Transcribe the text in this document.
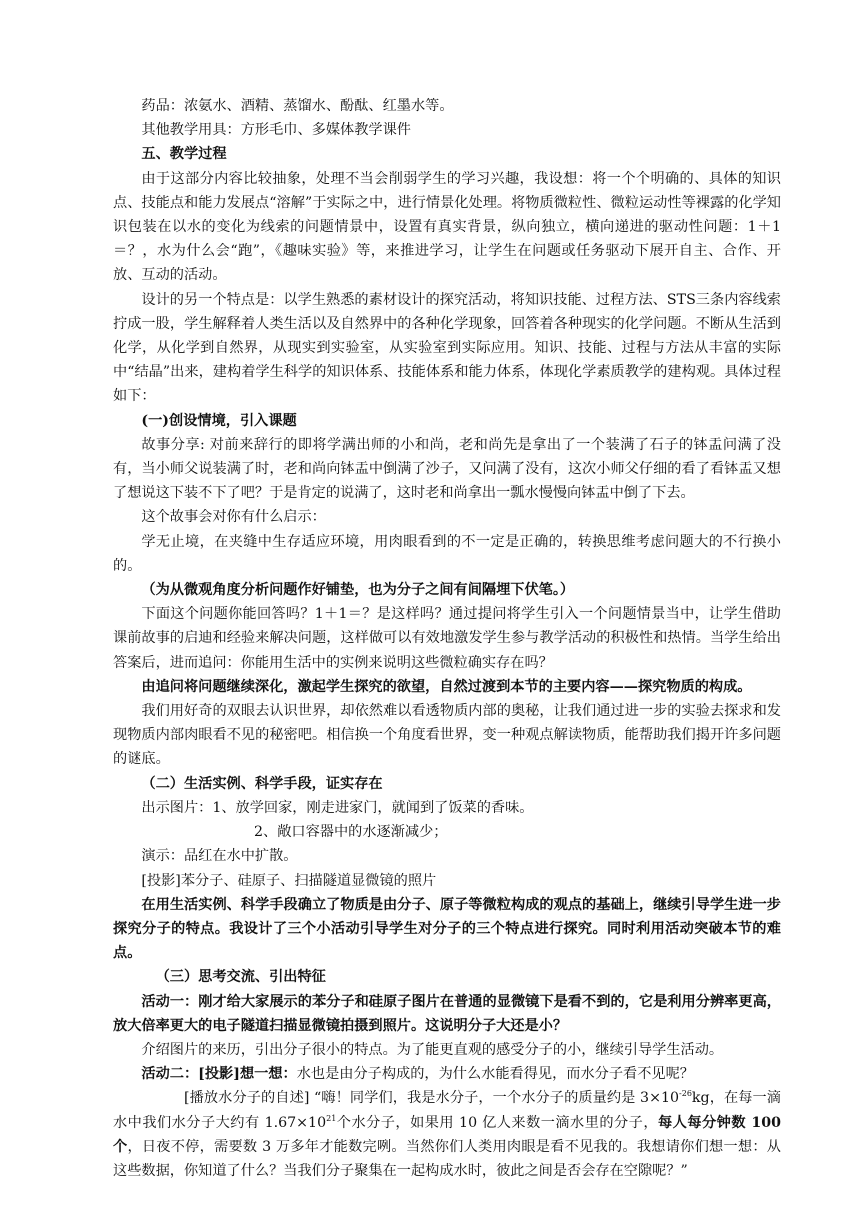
药品：浓氨水、酒精、蒸馏水、酚酞、红墨水等。

其他教学用具：方形毛巾、多媒体教学课件

五、教学过程

由于这部分内容比较抽象，处理不当会削弱学生的学习兴趣，我设想：将一个个明确的、具体的知识点、技能点和能力发展点“溶解”于实际之中，进行情景化处理。将物质微粒性、微粒运动性等裸露的化学知识包装在以水的变化为线索的问题情景中，设置有真实背景，纵向独立，横向递进的驱动性问题：1＋1＝？，水为什么会“跑”，《趣味实验》等，来推进学习，让学生在问题或任务驱动下展开自主、合作、开放、互动的活动。

设计的另一个特点是：以学生熟悉的素材设计的探究活动，将知识技能、过程方法、STS三条内容线索拧成一股，学生解释着人类生活以及自然界中的各种化学现象，回答着各种现实的化学问题。不断从生活到化学，从化学到自然界，从现实到实验室，从实验室到实际应用。知识、技能、过程与方法从丰富的实际中“结晶”出来，建构着学生科学的知识体系、技能体系和能力体系，体现化学素质教学的建构观。具体过程如下：

(一)创设情境，引入课题

故事分享: 对前来辞行的即将学满出师的小和尚，老和尚先是拿出了一个装满了石子的钵盂问满了没有，当小师父说装满了时，老和尚向钵盂中倒满了沙子，又问满了没有，这次小师父仔细的看了看钵盂又想了想说这下装不下了吧？于是肯定的说满了，这时老和尚拿出一瓢水慢慢向钵盂中倒了下去。

这个故事会对你有什么启示：

学无止境，在夹缝中生存适应环境，用肉眼看到的不一定是正确的，转换思维考虑问题大的不行换小的。

（为从微观角度分析问题作好铺垫，也为分子之间有间隔埋下伏笔。）

下面这个问题你能回答吗？1＋1＝？是这样吗？通过提问将学生引入一个问题情景当中，让学生借助课前故事的启迪和经验来解决问题，这样做可以有效地激发学生参与教学活动的积极性和热情。当学生给出答案后，进而追问：你能用生活中的实例来说明这些微粒确实存在吗？

由追问将问题继续深化，激起学生探究的欲望，自然过渡到本节的主要内容——探究物质的构成。

我们用好奇的双眼去认识世界，却依然难以看透物质内部的奥秘，让我们通过进一步的实验去探求和发现物质内部肉眼看不见的秘密吧。相信换一个角度看世界，变一种观点解读物质，能帮助我们揭开许多问题的谜底。

（二）生活实例、科学手段，证实存在

出示图片：1、放学回家，刚走进家门，就闻到了饭菜的香味。

2、敞口容器中的水逐渐减少；

演示：品红在水中扩散。

[投影]苯分子、硅原子、扫描隧道显微镜的照片

在用生活实例、科学手段确立了物质是由分子、原子等微粒构成的观点的基础上，继续引导学生进一步探究分子的特点。我设计了三个小活动引导学生对分子的三个特点进行探究。同时利用活动突破本节的难点。

（三）思考交流、引出特征

活动一：刚才给大家展示的苯分子和硅原子图片在普通的显微镜下是看不到的，它是利用分辨率更高，放大倍率更大的电子隧道扫描显微镜拍摄到照片。这说明分子大还是小？

介绍图片的来历，引出分子很小的特点。为了能更直观的感受分子的小，继续引导学生活动。

活动二：[投影]想一想：水也是由分子构成的，为什么水能看得见，而水分子看不见呢？

[播放水分子的自述] “嗨！同学们，我是水分子，一个水分子的质量约是 $3\times 10^{-26}kg$，在每一滴水中我们水分子大约有 $1.67\times 10^{21}$个水分子，如果用 10 亿人来数一滴水里的分子，每人每分钟数 100 个，日夜不停，需要数 3 万多年才能数完咧。当然你们人类用肉眼是看不见我的。我想请你们想一想：从这些数据，你知道了什么？当我们分子聚集在一起构成水时，彼此之间是否会存在空隙呢？”
